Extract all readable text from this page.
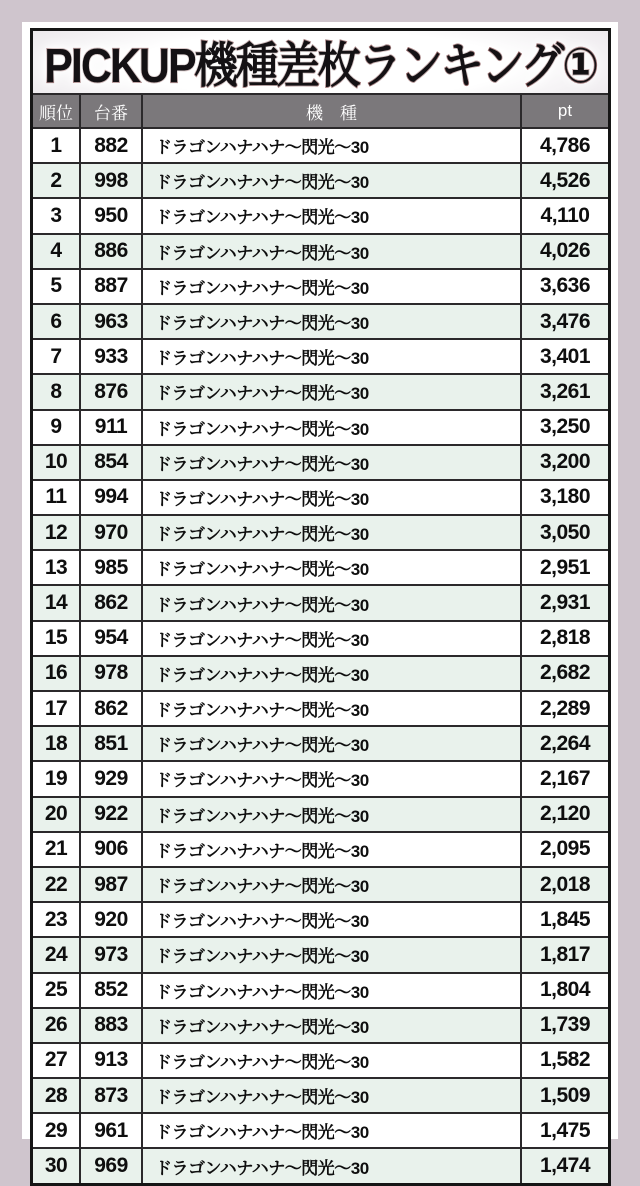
PICKUP機種差枚ランキング①
順位	台番	機　種	pt
1	882	ドラゴンハナハナ～閃光～30	4,786
2	998	ドラゴンハナハナ～閃光～30	4,526
3	950	ドラゴンハナハナ～閃光～30	4,110
4	886	ドラゴンハナハナ～閃光～30	4,026
5	887	ドラゴンハナハナ～閃光～30	3,636
6	963	ドラゴンハナハナ～閃光～30	3,476
7	933	ドラゴンハナハナ～閃光～30	3,401
8	876	ドラゴンハナハナ～閃光～30	3,261
9	911	ドラゴンハナハナ～閃光～30	3,250
10	854	ドラゴンハナハナ～閃光～30	3,200
11	994	ドラゴンハナハナ～閃光～30	3,180
12	970	ドラゴンハナハナ～閃光～30	3,050
13	985	ドラゴンハナハナ～閃光～30	2,951
14	862	ドラゴンハナハナ～閃光～30	2,931
15	954	ドラゴンハナハナ～閃光～30	2,818
16	978	ドラゴンハナハナ～閃光～30	2,682
17	862	ドラゴンハナハナ～閃光～30	2,289
18	851	ドラゴンハナハナ～閃光～30	2,264
19	929	ドラゴンハナハナ～閃光～30	2,167
20	922	ドラゴンハナハナ～閃光～30	2,120
21	906	ドラゴンハナハナ～閃光～30	2,095
22	987	ドラゴンハナハナ～閃光～30	2,018
23	920	ドラゴンハナハナ～閃光～30	1,845
24	973	ドラゴンハナハナ～閃光～30	1,817
25	852	ドラゴンハナハナ～閃光～30	1,804
26	883	ドラゴンハナハナ～閃光～30	1,739
27	913	ドラゴンハナハナ～閃光～30	1,582
28	873	ドラゴンハナハナ～閃光～30	1,509
29	961	ドラゴンハナハナ～閃光～30	1,475
30	969	ドラゴンハナハナ～閃光～30	1,474
